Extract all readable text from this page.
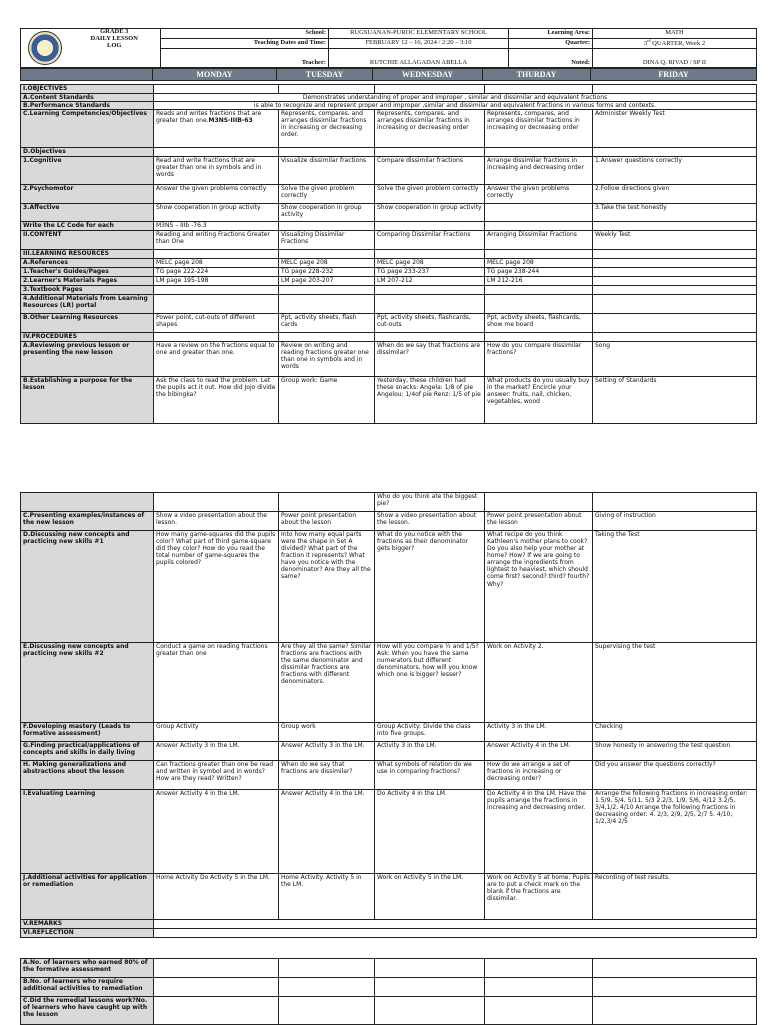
	GRADE 3
DAILY LESSON
LOG	School:	RUGSUANAN-PUROC ELEMENTARY SCHOOL	Learning Area:	MATH
		Teaching Dates and Time:	FEBRUARY 12 – 16, 2024 / 2:20 – 3:10	Quarter:	3rd QUARTER, Week 2
		Teacher:	RUTCHIE ALLAGADAN ABELLA	Noted:	DINA Q. RIVAD / SP II
	MONDAY	TUESDAY	WEDNESDAY	THURDAY	FRIDAY
I.OBJECTIVES					
A.Content Standards	Demonstrates understanding of proper and improper , similar and dissimilar and equivalent fractions				
B.Performance Standards	is able to recognize and represent proper and improper ,similar and dissimilar and equivalent fractions in various forms and contexts.				
C.Learning Competencies/Objectives	Reads and writes fractions that are greater than one.M3NS-IIIB-63	Represents, compares, and arranges dissimilar fractions in increasing or decreasing order.	Represents, compares, and arranges dissimilar fractions in increasing or decreasing order	Represents, compares, and arranges dissimilar fractions in increasing or decreasing order	Administer Weekly Test
D.Objectives					
1.Cognitive	Read and write fractions that are greater than one in symbols and in words	Visualize dissimilar fractions	Compare dissimilar fractions	Arrange dissimilar fractions in increasing and decreasing order	1.Answer questions correctly
2.Psychomotor	Answer the given problems correctly	Solve the given problem correctly	Solve the given problem correctly	Answer the given problems correctly	2.Follow directions given
3.Affective	Show cooperation in group activity	Show cooperation in group activity	Show cooperation in group activity		3.Take the test honestly
Write the LC Code for each	M3NS – IIIb -76.3				
II.CONTENT	Reading and writing Fractions Greater than One	Visualizing Dissimilar Fractions	Comparing Dissimilar Fractions	Arranging Dissimilar Fractions	Weekly Test
III.LEARNING RESOURCES					
A.References	MELC page 208	MELC page 208	MELC page 208	MELC page 208	
1.Teacher's Guides/Pages	TG page 222-224	TG page 228-232	TG page 233-237	TG page 238-244	
2.Learner's Materials Pages	LM page 195-198	LM page 203-207	LM 207-212	LM 212-216	
3.Textbook Pages					
4.Additional Materials from Learning Resources (LR) portal					
B.Other Learning Resources	Power point, cut-outs of different shapes	Ppt, activity sheets, flash cards	Ppt, activity sheets, flashcards, cut-outs	Ppt, activity sheets, flashcards, show me board	
IV.PROCEDURES					
A.Reviewing previous lesson or presenting the new lesson	Have a review on the fractions equal to one and greater than one.	Review on writing and reading fractions greater one than one in symbols and in words	When do we say that fractions are dissimilar?	How do you compare dissimilar fractions?	Song
B.Establishing a purpose for the lesson	Ask the class to read the problem. Let the pupils act it out. How did Jojo divide the bibingka?	Group work: Game	Yesterday, these children had these snacks: Angela: 1/8 of pie Angelou: 1/4of pie Renz: 1/5 of pie	What products do you usually buy in the market? Encircle your answer: fruits, nail, chicken, vegetables, wood	Setting of Standards
			Who do you think ate the biggest pie?		
C.Presenting examples/instances of the new lesson	Show a video presentation about the lesson.	Power point presentation about the lesson	Show a video presentation about the lesson.	Power point presentation about the lesson	Giving of instruction
D.Discussing new concepts and practicing new skills #1	How many game-squares did the pupils color? What part of third game-square did they color? How do you read the total number of game-squares the pupils colored?	Into how many equal parts were the shape in Set A divided? What part of the fraction it represents? What have you notice with the denominator? Are they all the same?	What do you notice with the fractions as their denominator gets bigger?	What recipe do you think Kathleen's mother plans to cook? Do you also help your mother at home? How? If we are going to arrange the ingredients from lightest to heaviest, which should come first? second? third? fourth? Why?	Taking the Test
E.Discussing new concepts and practicing new skills #2	Conduct a game on reading fractions greater than one	Are they all the same? Similar fractions are fractions with the same denominator and dissimilar fractions are fractions with different denominators.	How will you compare ½ and 1/5? Ask: When you have the same numerators but different denominators, how will you know which one is bigger? lesser?	Work on Activity 2.	Supervising the test
F.Developing mastery (Leads to formative assessment)	Group Activity	Group work	Group Activity: Divide the class into five groups.	Activity 3 in the LM.	Checking
G.Finding practical/applications of concepts and skills in daily living	Answer Activity 3 in the LM.	Answer Activity 3 in the LM.	Activity 3 in the LM.	Answer Activity 4 in the LM.	Show honesty in answering the test question
H. Making generalizations and abstractions about the lesson	Can fractions greater than one be read and written in symbol and in words? How are they read? Written?	When do we say that fractions are dissimilar?	What symbols of relation do we use in comparing fractions?	How do we arrange a set of fractions in increasing or decreasing order?	Did you answer the questions correctly?
I.Evaluating Learning	Answer Activity 4 in the LM.	Answer Activity 4 in the LM.	Do Activity 4 in the LM.	Do Activity 4 in the LM. Have the pupils arrange the fractions in increasing and decreasing order.	Arrange the following fractions in increasing order: 1.5/9, 5/4, 5/11, 5/3 2.2/3, 1/9, 5/6, 4/12 3.2/5, 3/4,1/2, 4/10 Arrange the following fractions in decreasing order: 4. 2/3, 2/9, 2/5, 2/7 5. 4/10, 1/2,3/4 2/5
J.Additional activities for application or remediation	Home Activity Do Activity 5 in the LM.	Home Activity. Activity 5 in the LM.	Work on Activity 5 in the LM.	Work on Activity 5 at home. Pupils are to put a check mark on the blank if the fractions are dissimilar.	Recording of test results.
V.REMARKS					
VI.REFLECTION					
A.No. of learners who earned 80% of the formative assessment					
B.No. of learners who require additional activities to remediation					
C.Did the remedial lessons work?No. of learners who have caught up with the lesson					
